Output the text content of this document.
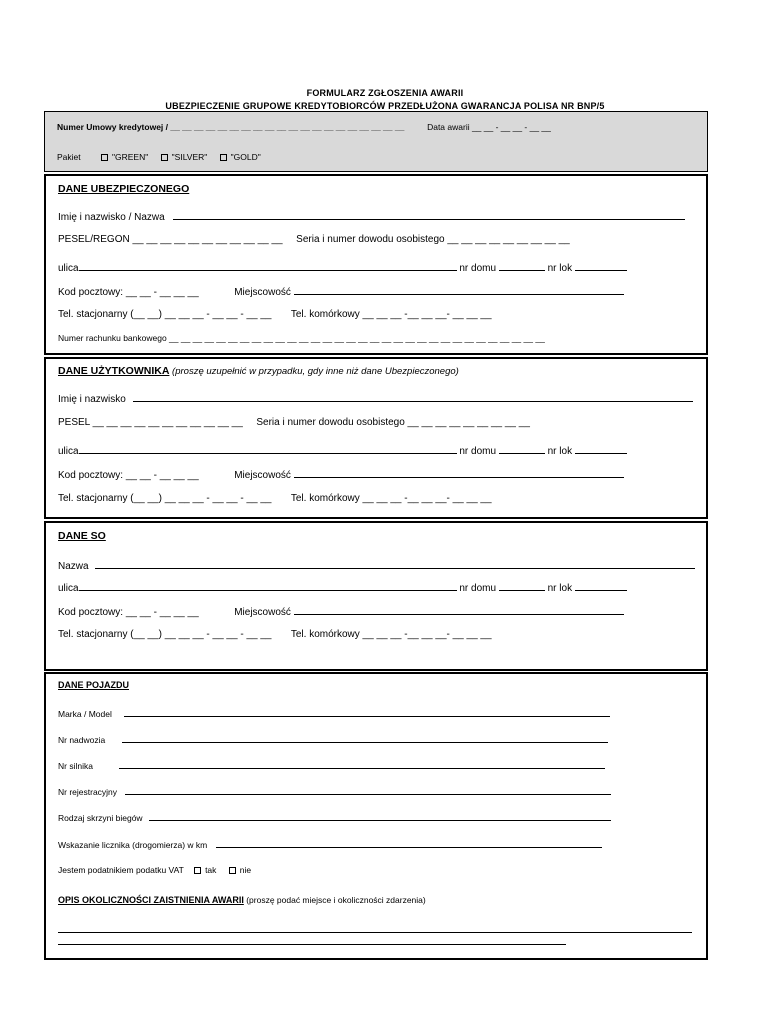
FORMULARZ ZGŁOSZENIA AWARII
UBEZPIECZENIE GRUPOWE KREDYTOBIORCÓW PRZEDŁUŻONA GWARANCJA POLISA NR BNP/5
Numer Umowy kredytowej / __ __ __ __ __ __ __ __ __ __ __ __ __ __ __ __ __ __ __ __	Data awarii __ __ - __ __ - __ __
Pakiet	"GREEN"	"SILVER"	"GOLD"
DANE UBEZPIECZONEGO
Imię i nazwisko / Nazwa
PESEL/REGON __ __ __ __ __ __ __ __ __ __ __ Seria i numer dowodu osobistego __ __ __ __ __ __ __ __ __
ulica	nr domu	nr lok
Kod pocztowy: __ __ - __ __ __	Miejscowość
Tel. stacjonarny (__ __) __ __ __ - __ __ - __ __ Tel. komórkowy __ __ __ -__ __ __- __ __ __
Numer rachunku bankowego __ __ __ __ __ __ __ __ __ __ __ __ __ __ __ __ __ __ __ __ __ __ __ __ __ __ __ __ __ __ __ __
DANE UŻYTKOWNIKA (proszę uzupełnić w przypadku, gdy inne niż dane Ubezpieczonego)
Imię i nazwisko
PESEL __ __ __ __ __ __ __ __ __ __ __ Seria i numer dowodu osobistego __ __ __ __ __ __ __ __ __
ulica	nr domu	nr lok
Kod pocztowy: __ __ - __ __ __	Miejscowość
Tel. stacjonarny (__ __) __ __ __ - __ __ - __ __ Tel. komórkowy __ __ __ -__ __ __- __ __ __
DANE SO
Nazwa
ulica	nr domu	nr lok
Kod pocztowy: __ __ - __ __ __	Miejscowość
Tel. stacjonarny (__ __) __ __ __ - __ __ - __ __ Tel. komórkowy __ __ __ -__ __ __- __ __ __
DANE POJAZDU
Marka / Model
Nr nadwozia
Nr silnika
Nr rejestracyjny
Rodzaj skrzyni biegów
Wskazanie licznika (drogomierza) w km
Jestem podatnikiem podatku VAT	tak	nie
OPIS OKOLICZNOŚCI ZAISTNIENIA AWARII (proszę podać miejsce i okoliczności zdarzenia)
